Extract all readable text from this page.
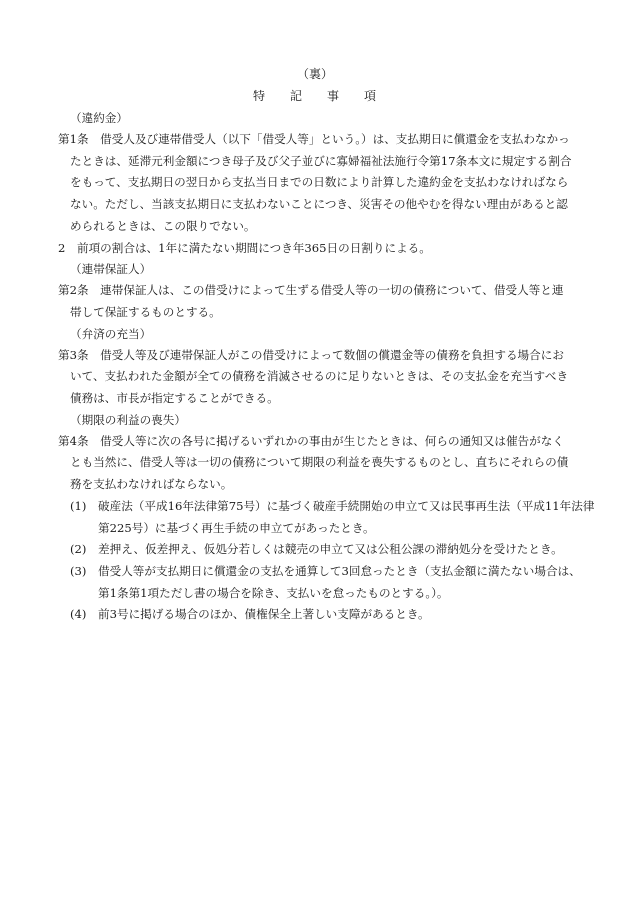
（裏）
特 記 事 項
（違約金）
第1条　借受人及び連帯借受人（以下「借受人等」という。）は、支払期日に償還金を支払わなかっ
たときは、延滞元利金額につき母子及び父子並びに寡婦福祉法施行令第17条本文に規定する割合
をもって、支払期日の翌日から支払当日までの日数により計算した違約金を支払わなければなら
ない。ただし、当該支払期日に支払わないことにつき、災害その他やむを得ない理由があると認
められるときは、この限りでない。
2　前項の割合は、1年に満たない期間につき年365日の日割りによる。
（連帯保証人）
第2条　連帯保証人は、この借受けによって生ずる借受人等の一切の債務について、借受人等と連
帯して保証するものとする。
（弁済の充当）
第3条　借受人等及び連帯保証人がこの借受けによって数個の償還金等の債務を負担する場合にお
いて、支払われた金額が全ての債務を消滅させるのに足りないときは、その支払金を充当すべき
債務は、市長が指定することができる。
（期限の利益の喪失）
第4条　借受人等に次の各号に掲げるいずれかの事由が生じたときは、何らの通知又は催告がなく
とも当然に、借受人等は一切の債務について期限の利益を喪失するものとし、直ちにそれらの債
務を支払わなければならない。
(1) 破産法（平成16年法律第75号）に基づく破産手続開始の申立て又は民事再生法（平成11年法律
第225号）に基づく再生手続の申立てがあったとき。
(2) 差押え、仮差押え、仮処分若しくは競売の申立て又は公租公課の滞納処分を受けたとき。
(3) 借受人等が支払期日に償還金の支払を通算して3回怠ったとき（支払金額に満たない場合は、
第1条第1項ただし書の場合を除き、支払いを怠ったものとする。）。
(4) 前3号に掲げる場合のほか、債権保全上著しい支障があるとき。
